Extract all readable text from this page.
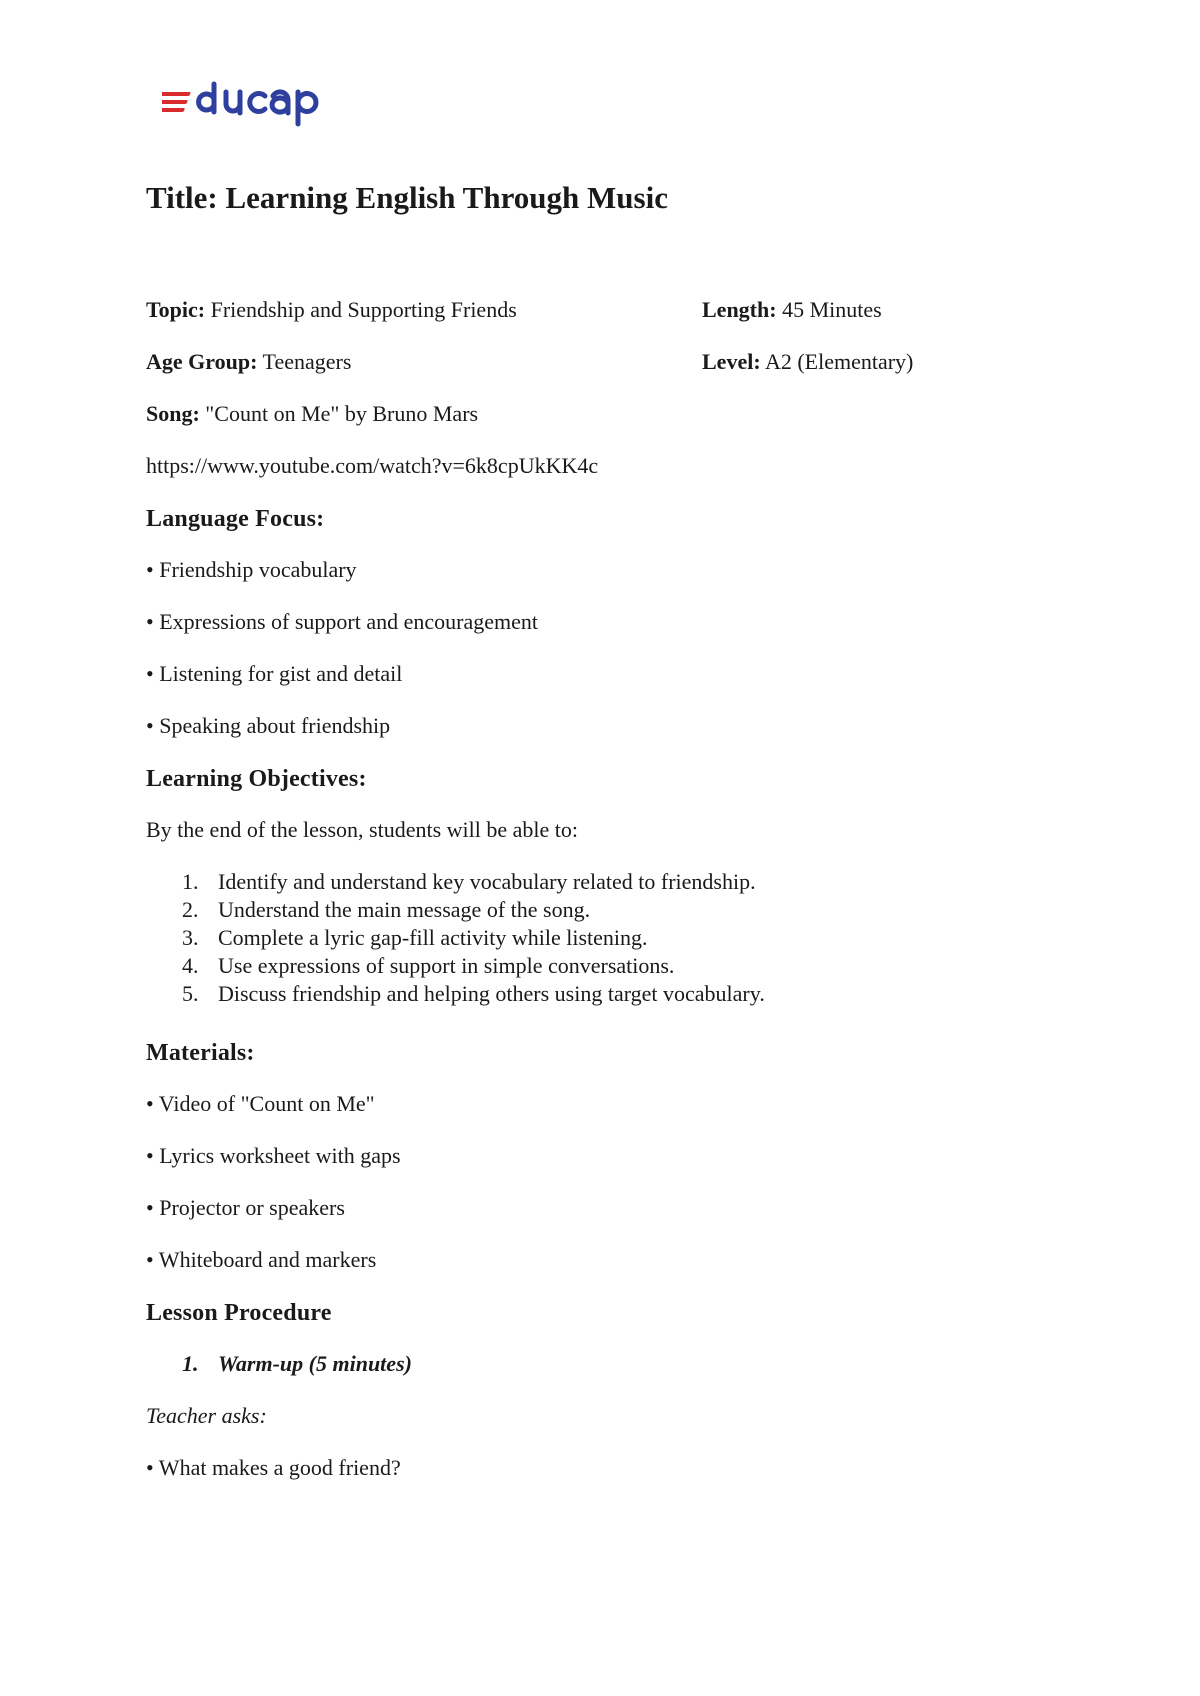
Title: Learning English Through Music
Topic: Friendship and Supporting Friends	Length: 45 Minutes
Age Group: Teenagers	Level: A2 (Elementary)
Song: "Count on Me" by Bruno Mars
https://www.youtube.com/watch?v=6k8cpUkKK4c
Language Focus:
• Friendship vocabulary
• Expressions of support and encouragement
• Listening for gist and detail
• Speaking about friendship
Learning Objectives:
By the end of the lesson, students will be able to:
1. Identify and understand key vocabulary related to friendship.
2. Understand the main message of the song.
3. Complete a lyric gap-fill activity while listening.
4. Use expressions of support in simple conversations.
5. Discuss friendship and helping others using target vocabulary.
Materials:
• Video of "Count on Me"
• Lyrics worksheet with gaps
• Projector or speakers
• Whiteboard and markers
Lesson Procedure
1. Warm-up (5 minutes)
Teacher asks:
• What makes a good friend?
